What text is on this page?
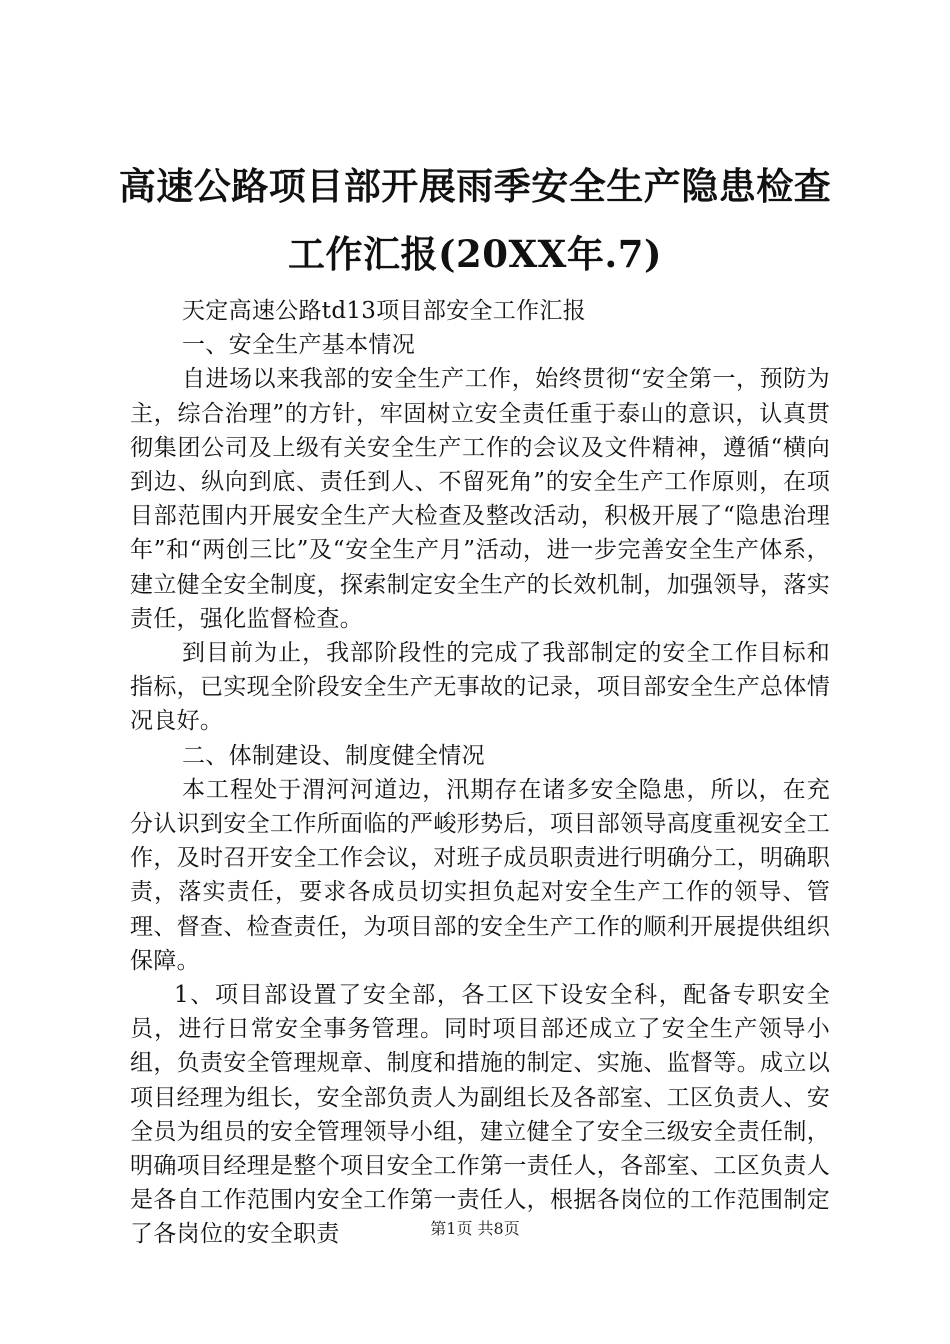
高速公路项目部开展雨季安全生产隐患检查工作汇报(20XX年.7)

天定高速公路td13项目部安全工作汇报

一、安全生产基本情况

自进场以来我部的安全生产工作，始终贯彻“安全第一，预防为主，综合治理”的方针，牢固树立安全责任重于泰山的意识，认真贯彻集团公司及上级有关安全生产工作的会议及文件精神，遵循“横向到边、纵向到底、责任到人、不留死角”的安全生产工作原则，在项目部范围内开展安全生产大检查及整改活动，积极开展了“隐患治理年”和“两创三比”及“安全生产月”活动，进一步完善安全生产体系，建立健全安全制度，探索制定安全生产的长效机制，加强领导，落实责任，强化监督检查。

到目前为止，我部阶段性的完成了我部制定的安全工作目标和指标，已实现全阶段安全生产无事故的记录，项目部安全生产总体情况良好。

二、体制建设、制度健全情况

本工程处于渭河河道边，汛期存在诸多安全隐患，所以，在充分认识到安全工作所面临的严峻形势后，项目部领导高度重视安全工作，及时召开安全工作会议，对班子成员职责进行明确分工，明确职责，落实责任，要求各成员切实担负起对安全生产工作的领导、管理、督查、检查责任，为项目部的安全生产工作的顺利开展提供组织保障。

1、项目部设置了安全部，各工区下设安全科，配备专职安全员，进行日常安全事务管理。同时项目部还成立了安全生产领导小组，负责安全管理规章、制度和措施的制定、实施、监督等。成立以项目经理为组长，安全部负责人为副组长及各部室、工区负责人、安全员为组员的安全管理领导小组，建立健全了安全三级安全责任制，明确项目经理是整个项目安全工作第一责任人，各部室、工区负责人是各自工作范围内安全工作第一责任人，根据各岗位的工作范围制定了各岗位的安全职责	第1页 共8页
